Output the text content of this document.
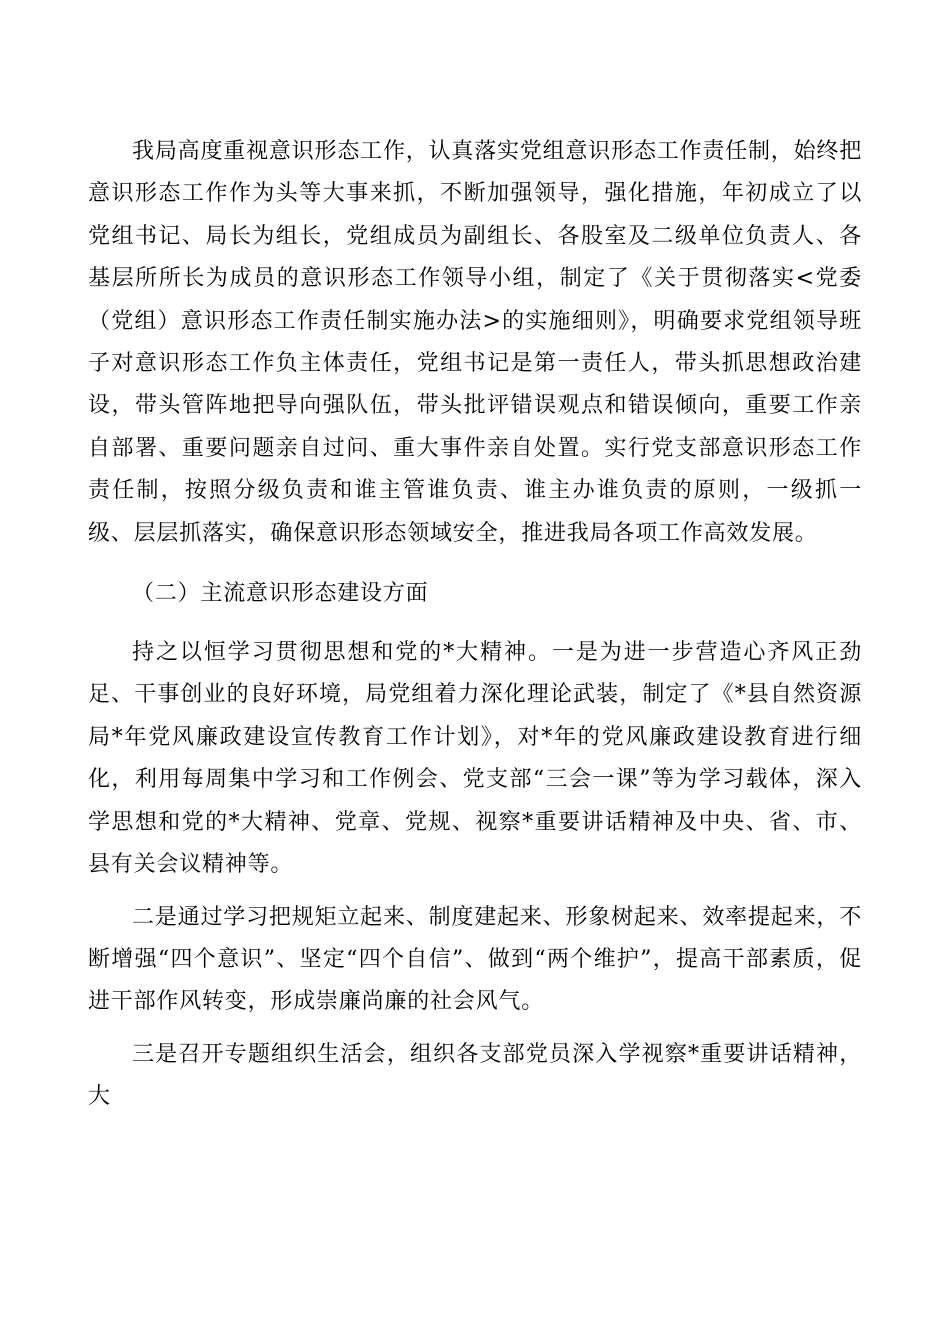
我局高度重视意识形态工作，认真落实党组意识形态工作责任制，始终把意识形态工作作为头等大事来抓，不断加强领导，强化措施，年初成立了以党组书记、局长为组长，党组成员为副组长、各股室及二级单位负责人、各基层所所长为成员的意识形态工作领导小组，制定了《关于贯彻落实<党委（党组）意识形态工作责任制实施办法>的实施细则》，明确要求党组领导班子对意识形态工作负主体责任，党组书记是第一责任人，带头抓思想政治建设，带头管阵地把导向强队伍，带头批评错误观点和错误倾向，重要工作亲自部署、重要问题亲自过问、重大事件亲自处置。实行党支部意识形态工作责任制，按照分级负责和谁主管谁负责、谁主办谁负责的原则，一级抓一级、层层抓落实，确保意识形态领域安全，推进我局各项工作高效发展。

（二）主流意识形态建设方面

持之以恒学习贯彻思想和党的*大精神。一是为进一步营造心齐风正劲足、干事创业的良好环境，局党组着力深化理论武装，制定了《*县自然资源局*年党风廉政建设宣传教育工作计划》，对*年的党风廉政建设教育进行细化，利用每周集中学习和工作例会、党支部“三会一课”等为学习载体，深入学思想和党的*大精神、党章、党规、视察*重要讲话精神及中央、省、市、县有关会议精神等。

二是通过学习把规矩立起来、制度建起来、形象树起来、效率提起来，不断增强“四个意识”、坚定“四个自信”、做到“两个维护”，提高干部素质，促进干部作风转变，形成崇廉尚廉的社会风气。

三是召开专题组织生活会，组织各支部党员深入学视察*重要讲话精神，大
